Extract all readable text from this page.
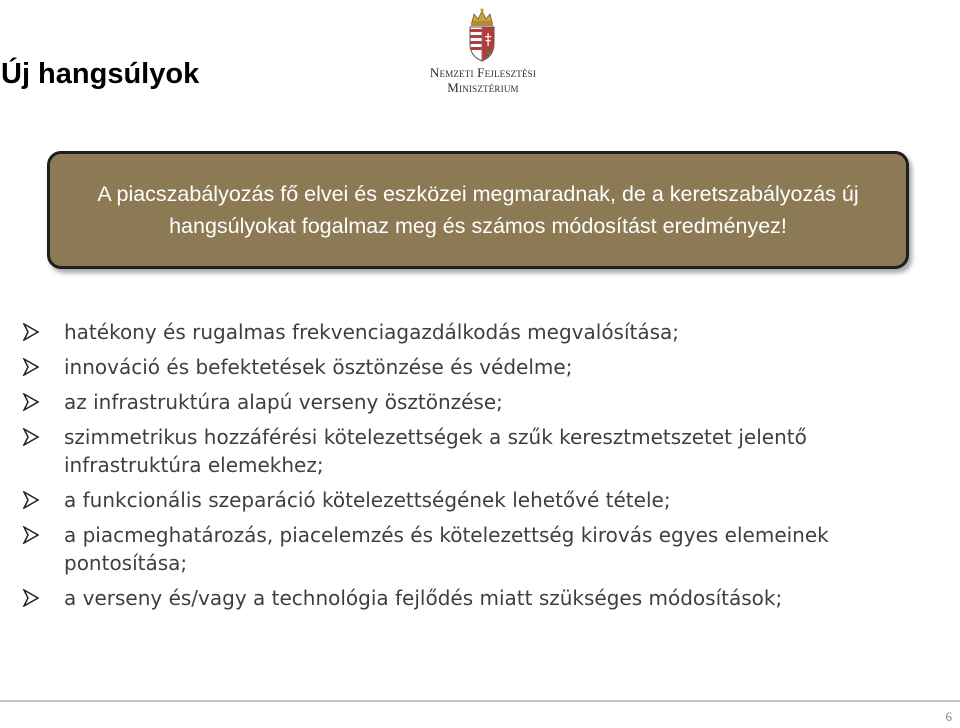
Új hangsúlyok	Nemzeti Fejlesztési
Minisztérium

A piacszabályozás fő elvei és eszközei megmaradnak, de a keretszabályozás új hangsúlyokat fogalmaz meg és számos módosítást eredményez!

hatékony és rugalmas frekvenciagazdálkodás megvalósítása;
innováció és befektetések ösztönzése és védelme;
az infrastruktúra alapú verseny ösztönzése;
szimmetrikus hozzáférési kötelezettségek a szűk keresztmetszetet jelentő infrastruktúra elemekhez;
a funkcionális szeparáció kötelezettségének lehetővé tétele;
a piacmeghatározás, piacelemzés és kötelezettség kirovás egyes elemeinek pontosítása;
a verseny és/vagy a technológia fejlődés miatt szükséges módosítások;
6
